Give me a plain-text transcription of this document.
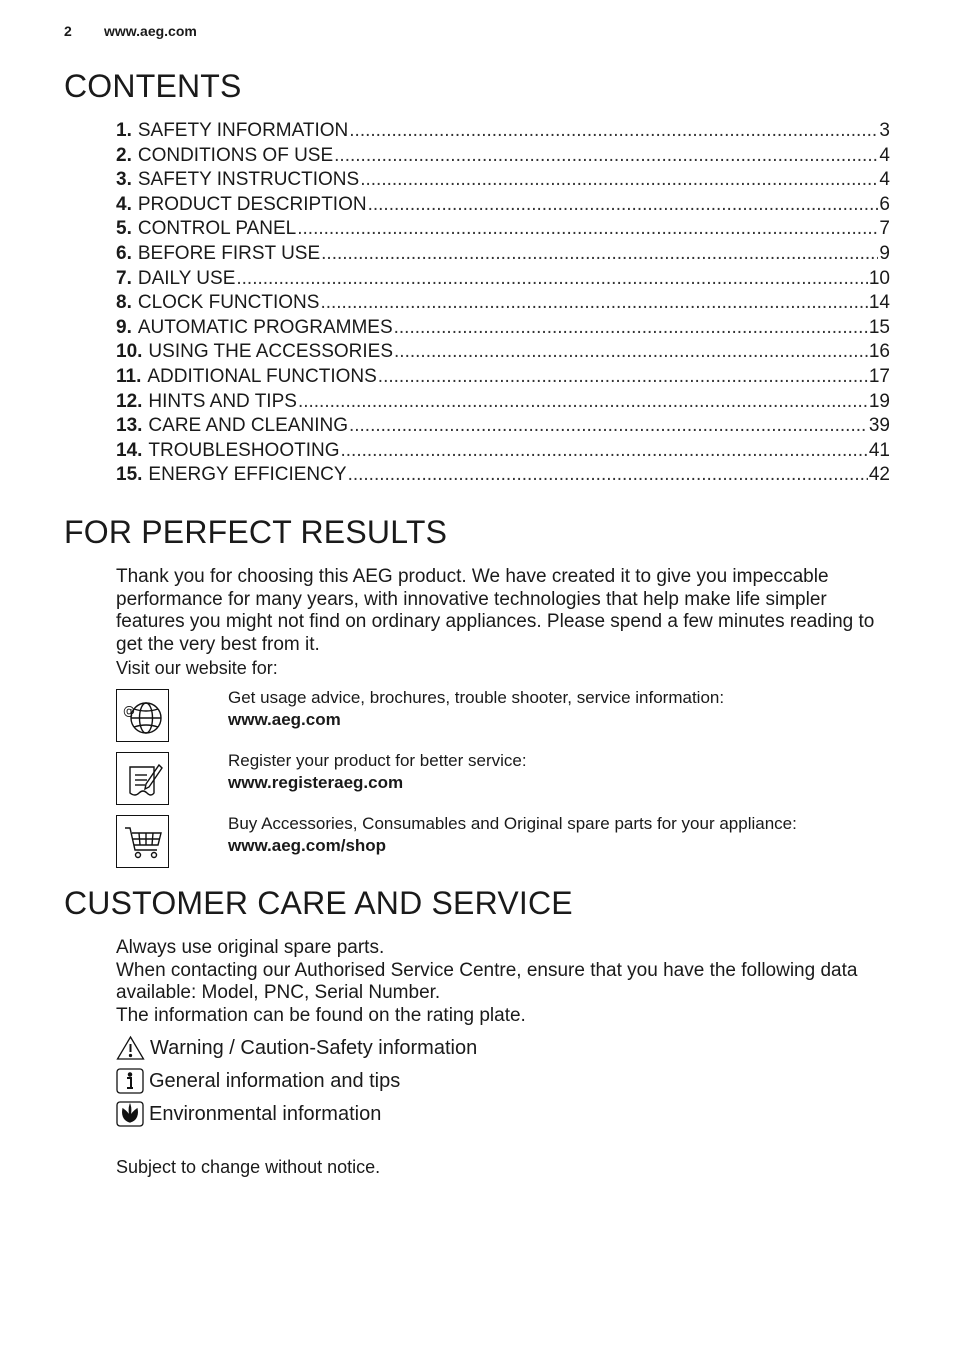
2 www.aeg.com
CONTENTS
1. SAFETY INFORMATION .....	3
2. CONDITIONS OF USE .....	4
3. SAFETY INSTRUCTIONS .....	4
4. PRODUCT DESCRIPTION .....	6
5. CONTROL PANEL .....	7
6. BEFORE FIRST USE .....	9
7. DAILY USE .....	10
8. CLOCK FUNCTIONS .....	14
9. AUTOMATIC PROGRAMMES .....	15
10. USING THE ACCESSORIES .....	16
11. ADDITIONAL FUNCTIONS .....	17
12. HINTS AND TIPS .....	19
13. CARE AND CLEANING .....	39
14. TROUBLESHOOTING .....	41
15. ENERGY EFFICIENCY .....	42
FOR PERFECT RESULTS

Thank you for choosing this AEG product. We have created it to give you impeccable performance for many years, with innovative technologies that help make life simpler features you might not find on ordinary appliances. Please spend a few minutes reading to get the very best from it.

Visit our website for:
@
Get usage advice, brochures, trouble shooter, service information:
www.aeg.com
Register your product for better service:
www.registeraeg.com
Buy Accessories, Consumables and Original spare parts for your appliance:
www.aeg.com/shop
CUSTOMER CARE AND SERVICE
Always use original spare parts.
When contacting our Authorised Service Centre, ensure that you have the following data available: Model, PNC, Serial Number.
The information can be found on the rating plate.
Warning / Caution-Safety information
General information and tips
Environmental information
Subject to change without notice.
